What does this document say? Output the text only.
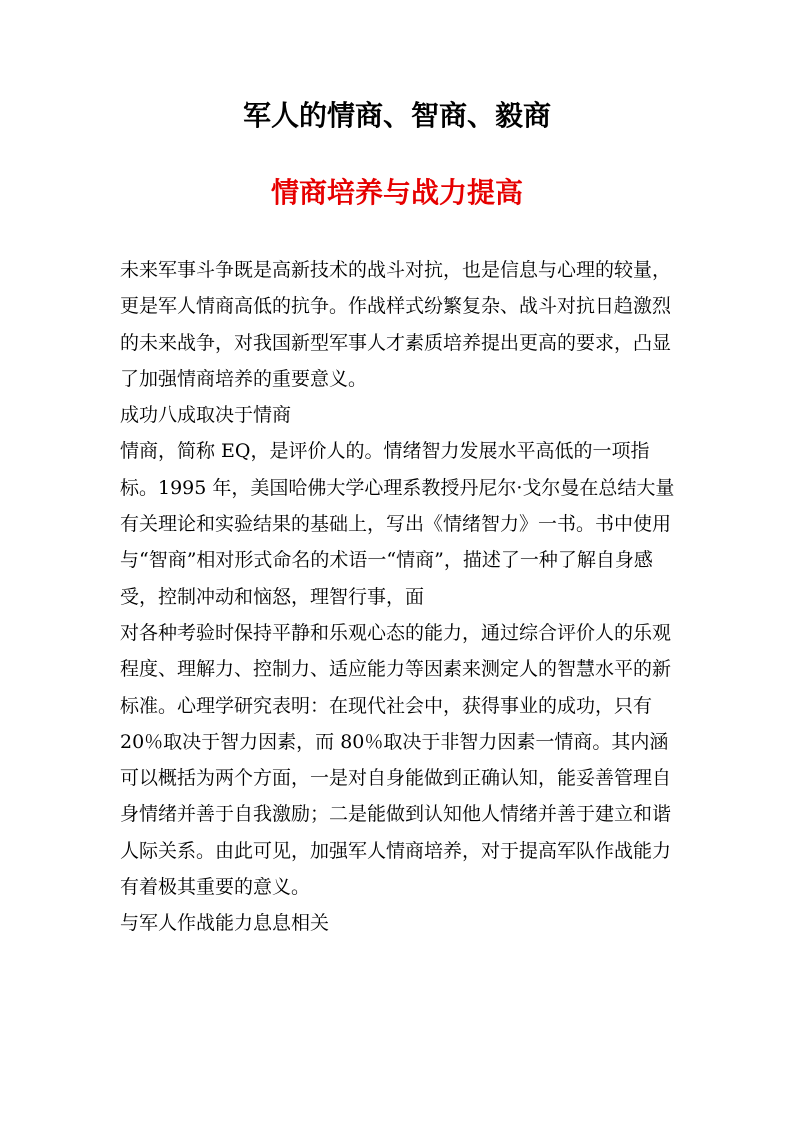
军人的情商、智商、毅商
情商培养与战力提高

未来军事斗争既是高新技术的战斗对抗，也是信息与心理的较量，更是军人情商高低的抗争。作战样式纷繁复杂、战斗对抗日趋激烈的未来战争，对我国新型军事人才素质培养提出更高的要求，凸显了加强情商培养的重要意义。

成功八成取决于情商

情商，简称 EQ，是评价人的。情绪智力发展水平高低的一项指标。1995 年，美国哈佛大学心理系教授丹尼尔·戈尔曼在总结大量有关理论和实验结果的基础上，写出《情绪智力》一书。书中使用与“智商”相对形式命名的术语一“情商”，描述了一种了解自身感受，控制冲动和恼怒，理智行事，面

对各种考验时保持平静和乐观心态的能力，通过综合评价人的乐观程度、理解力、控制力、适应能力等因素来测定人的智慧水平的新标准。心理学研究表明：在现代社会中，获得事业的成功，只有 20％取决于智力因素，而 80％取决于非智力因素一情商。其内涵可以概括为两个方面，一是对自身能做到正确认知，能妥善管理自身情绪并善于自我激励；二是能做到认知他人情绪并善于建立和谐人际关系。由此可见，加强军人情商培养，对于提高军队作战能力有着极其重要的意义。

与军人作战能力息息相关
